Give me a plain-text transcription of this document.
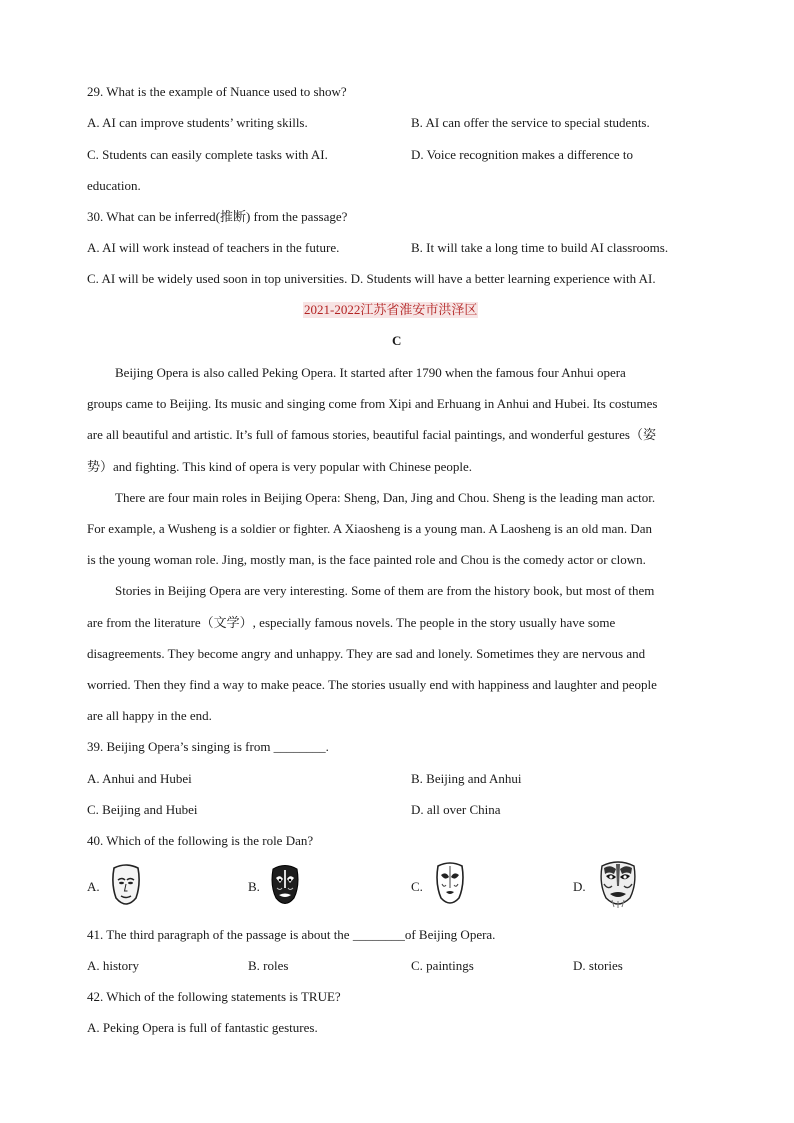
29. What is the example of Nuance used to show?
A. AI can improve students’ writing skills.	B. AI can offer the service to special students.
C. Students can easily complete tasks with AI.	D. Voice recognition makes a difference to
education.
30. What can be inferred(推断) from the passage?
A. AI will work instead of teachers in the future.	B. It will take a long time to build AI classrooms.
C. AI will be widely used soon in top universities. D. Students will have a better learning experience with AI.
2021-2022江苏省淮安市洪泽区
C
Beijing Opera is also called Peking Opera. It started after 1790 when the famous four Anhui opera
groups came to Beijing. Its music and singing come from Xipi and Erhuang in Anhui and Hubei. Its costumes
are all beautiful and artistic. It’s full of famous stories, beautiful facial paintings, and wonderful gestures（姿
势）and fighting. This kind of opera is very popular with Chinese people.
There are four main roles in Beijing Opera: Sheng, Dan, Jing and Chou. Sheng is the leading man actor.
For example, a Wusheng is a soldier or fighter. A Xiaosheng is a young man. A Laosheng is an old man. Dan
is the young woman role. Jing, mostly man, is the face painted role and Chou is the comedy actor or clown.
Stories in Beijing Opera are very interesting. Some of them are from the history book, but most of them
are from the literature（文学）, especially famous novels. The people in the story usually have some
disagreements. They become angry and unhappy. They are sad and lonely. Sometimes they are nervous and
worried. Then they find a way to make peace. The stories usually end with happiness and laughter and people
are all happy in the end.
39. Beijing Opera’s singing is from ________.
A. Anhui and Hubei	B. Beijing and Anhui
C. Beijing and Hubei	D. all over China
40. Which of the following is the role Dan?
A.	B.	C.	D.
41. The third paragraph of the passage is about the ________of Beijing Opera.
A. history	B. roles	C. paintings	D. stories
42. Which of the following statements is TRUE?
A. Peking Opera is full of fantastic gestures.
